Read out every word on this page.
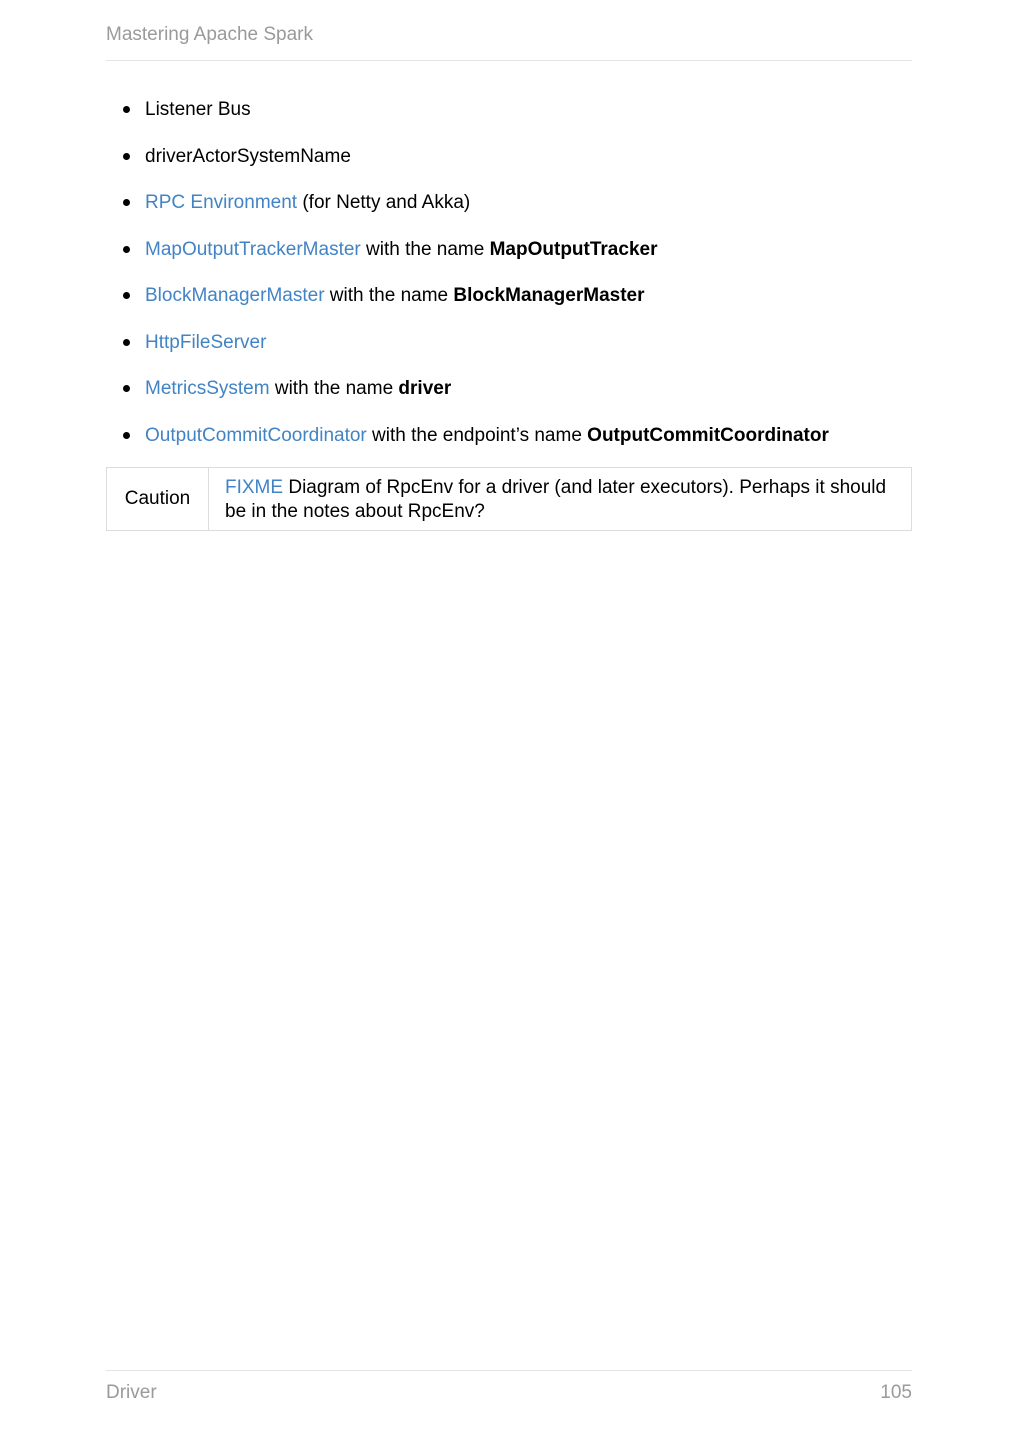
Mastering Apache Spark
Listener Bus
driverActorSystemName
RPC Environment (for Netty and Akka)
MapOutputTrackerMaster with the name MapOutputTracker
BlockManagerMaster with the name BlockManagerMaster
HttpFileServer
MetricsSystem with the name driver
OutputCommitCoordinator with the endpoint’s name OutputCommitCoordinator
Caution
FIXME Diagram of RpcEnv for a driver (and later executors). Perhaps it should be in the notes about RpcEnv?
Driver	105
